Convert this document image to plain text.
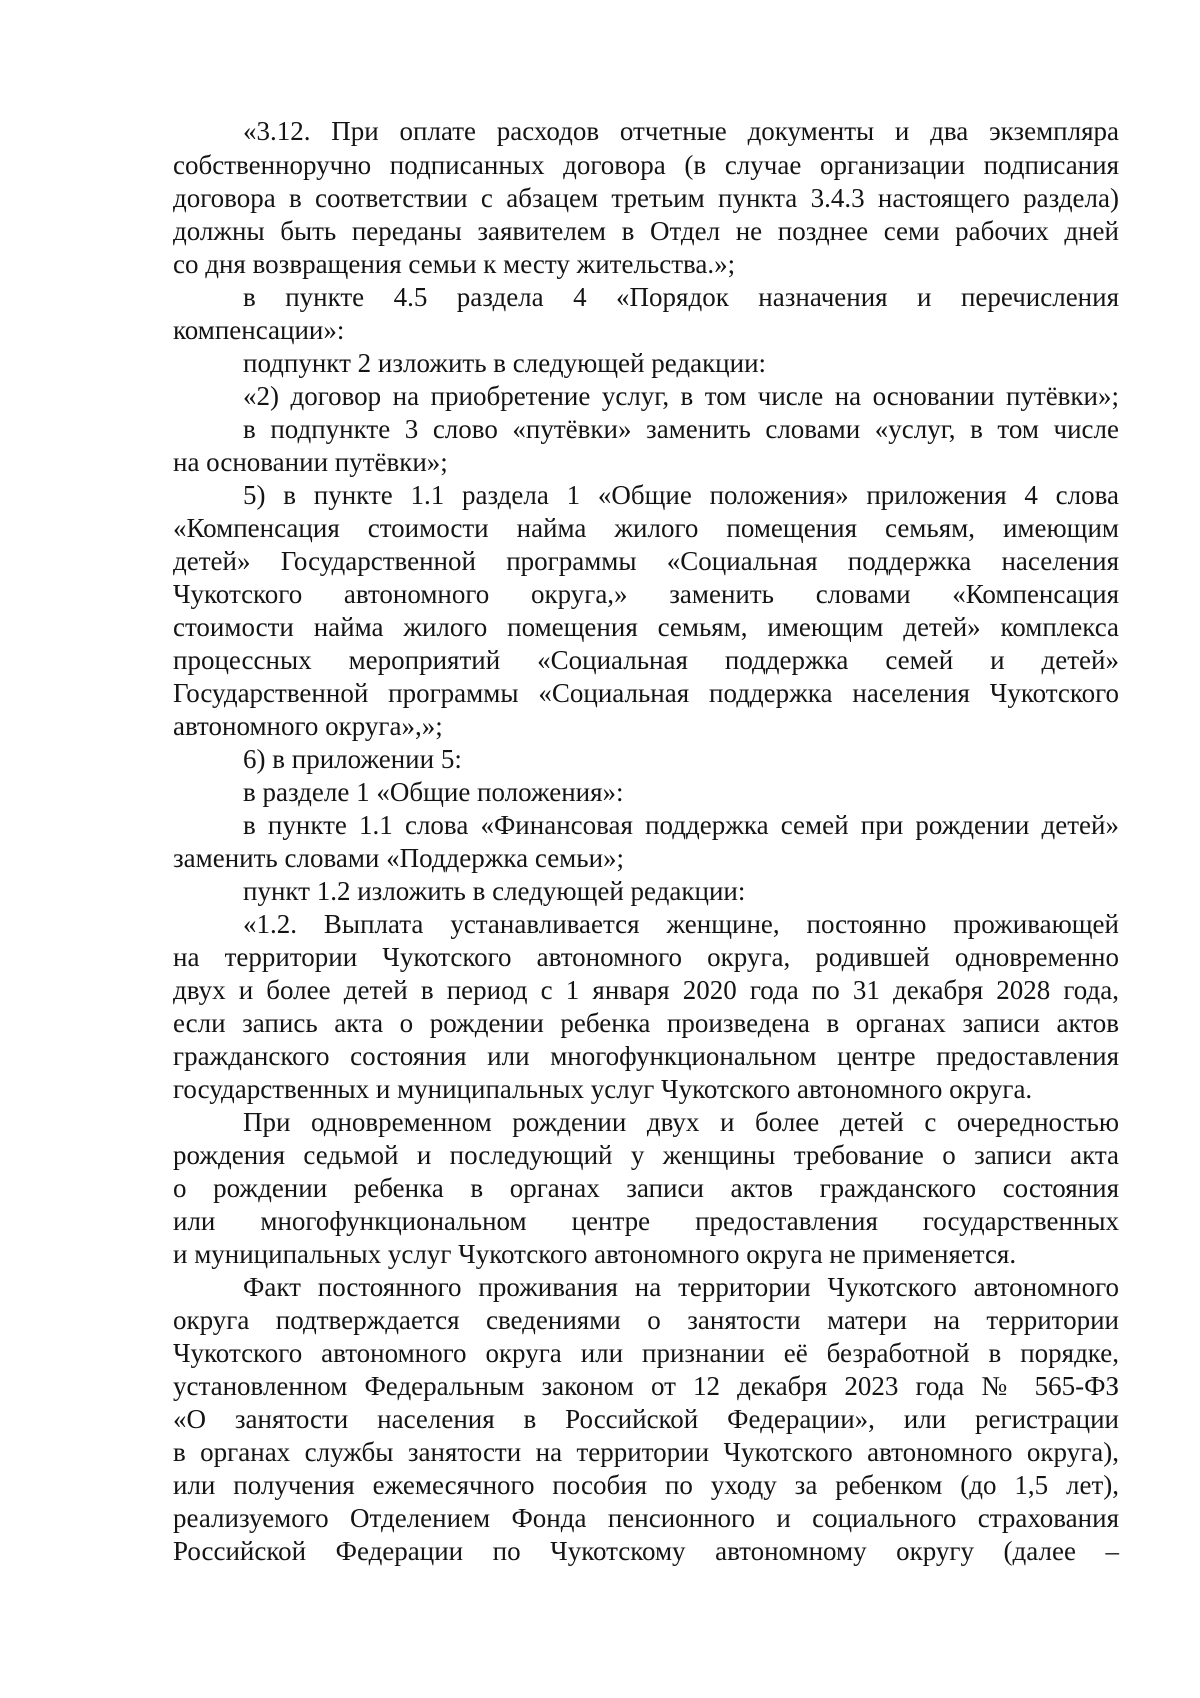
«3.12. При оплате расходов отчетные документы и два экземпляра

собственноручно подписанных договора (в случае организации подписания

договора в соответствии с абзацем третьим пункта 3.4.3 настоящего раздела)

должны быть переданы заявителем в Отдел не позднее семи рабочих дней

со дня возвращения семьи к месту жительства.»;

в пункте 4.5 раздела 4 «Порядок назначения и перечисления

компенсации»:

подпункт 2 изложить в следующей редакции:

«2) договор на приобретение услуг, в том числе на основании путёвки»;

в подпункте 3 слово «путёвки» заменить словами «услуг, в том числе

на основании путёвки»;

5) в пункте 1.1 раздела 1 «Общие положения» приложения 4 слова

«Компенсация стоимости найма жилого помещения семьям, имеющим

детей» Государственной программы «Социальная поддержка населения

Чукотского автономного округа,» заменить словами «Компенсация

стоимости найма жилого помещения семьям, имеющим детей» комплекса

процессных мероприятий «Социальная поддержка семей и детей»

Государственной программы «Социальная поддержка населения Чукотского

автономного округа»,»;

6) в приложении 5:

в разделе 1 «Общие положения»:

в пункте 1.1 слова «Финансовая поддержка семей при рождении детей»

заменить словами «Поддержка семьи»;

пункт 1.2 изложить в следующей редакции:

«1.2. Выплата устанавливается женщине, постоянно проживающей

на территории Чукотского автономного округа, родившей одновременно

двух и более детей в период с 1 января 2020 года по 31 декабря 2028 года,

если запись акта о рождении ребенка произведена в органах записи актов

гражданского состояния или многофункциональном центре предоставления

государственных и муниципальных услуг Чукотского автономного округа.

При одновременном рождении двух и более детей с очередностью

рождения седьмой и последующий у женщины требование о записи акта

о рождении ребенка в органах записи актов гражданского состояния

или многофункциональном центре предоставления государственных

и муниципальных услуг Чукотского автономного округа не применяется.

Факт постоянного проживания на территории Чукотского автономного

округа подтверждается сведениями о занятости матери на территории

Чукотского автономного округа или признании её безработной в порядке,

установленном Федеральным законом от 12 декабря 2023 года № 565-ФЗ

«О занятости населения в Российской Федерации», или регистрации

в органах службы занятости на территории Чукотского автономного округа),

или получения ежемесячного пособия по уходу за ребенком (до 1,5 лет),

реализуемого Отделением Фонда пенсионного и социального страхования

Российской Федерации по Чукотскому автономному округу (далее –
